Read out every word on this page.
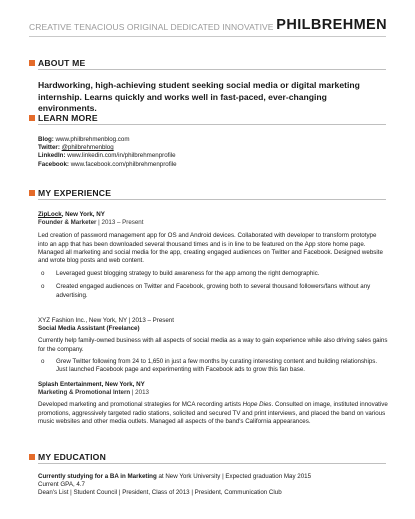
CREATIVE TENACIOUS ORIGINAL DEDICATED INNOVATIVE PHILBREHMEN
ABOUT ME
Hardworking, high-achieving student seeking social media or digital marketing internship. Learns quickly and works well in fast-paced, ever-changing environments.
LEARN MORE
Blog: www.philbrehmenblog.com
Twitter: @philbrehmenblog
LinkedIn: www.linkedin.com/in/philbrehmenprofile
Facebook: www.facebook.com/philbrehmenprofile
MY EXPERIENCE
ZipLock, New York, NY
Founder & Marketer | 2013 – Present
Led creation of password management app for OS and Android devices. Collaborated with developer to transform prototype into an app that has been downloaded several thousand times and is in line to be featured on the App store home page. Managed all marketing and social media for the app, creating engaged audiences on Twitter and Facebook. Designed website and wrote blog posts and web content.
o Leveraged guest blogging strategy to build awareness for the app among the right demographic.
o Created engaged audiences on Twitter and Facebook, growing both to several thousand followers/fans without any advertising.
XYZ Fashion Inc., New York, NY | 2013 – Present
Social Media Assistant (Freelance)
Currently help family-owned business with all aspects of social media as a way to gain experience while also driving sales gains for the company.
o Grew Twitter following from 24 to 1,650 in just a few months by curating interesting content and building relationships. Just launched Facebook page and experimenting with Facebook ads to grow this fan base.
Splash Entertainment, New York, NY
Marketing & Promotional Intern | 2013
Developed marketing and promotional strategies for MCA recording artists Hope Dies. Consulted on image, instituted innovative promotions, aggressively targeted radio stations, solicited and secured TV and print interviews, and placed the band on various music websites and other media outlets. Managed all aspects of the band's California appearances.
MY EDUCATION
Currently studying for a BA in Marketing at New York University | Expected graduation May 2015
Current GPA, 4.7
Dean's List | Student Council | President, Class of 2013 | President, Communication Club
